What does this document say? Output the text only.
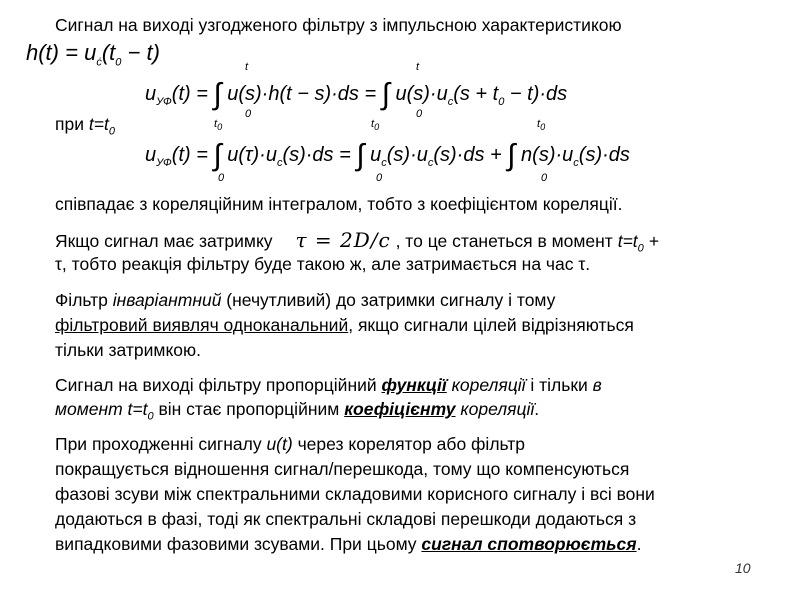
Сигнал на виході узгодженого фільтру з імпульсною характеристикою
$h(t) = u_ċ(t_0 - t)$
$u_{УФ}(t)$ = ∫ u(s)·h(t − s)·ds = ∫ $u(s)\cdot u_c(s + t_0 - t)\cdot ds$
t
0
t
0
при $t=t_0$
$u_{УФ}(t)$ = ∫ $u(\tau)\cdot u_c(s)\cdot ds$ = ∫ $u_c(s)\cdot u_c(s)\cdot ds$ + ∫ $n(s)\cdot u_c(s)\cdot ds$
$t_0$
0
$t_0$
0
$t_0$
0
співпадає з кореляційним інтегралом, тобто з коефіцієнтом кореляції.
Якщо сигнал має затримку τ = 2D/c , то це станеться в момент $t=t_0$ +
τ, тобто реакція фільтру буде такою ж, але затримається на час τ.
Фільтр інваріантний (нечутливий) до затримки сигналу і тому
фільтровий виявляч одноканальний, якщо сигнали цілей відрізняються
тільки затримкою.
Сигнал на виході фільтру пропорційний функції кореляції і тільки в
момент $t=t_0$ він стає пропорційним коефіцієнту кореляції.
При проходженні сигналу u(t) через корелятор або фільтр
покращується відношення сигнал/перешкода, тому що компенсуються
фазові зсуви між спектральними складовими корисного сигналу і всі вони
додаються в фазі, тоді як спектральні складові перешкоди додаються з
випадковими фазовими зсувами. При цьому сигнал спотворюється.
10
